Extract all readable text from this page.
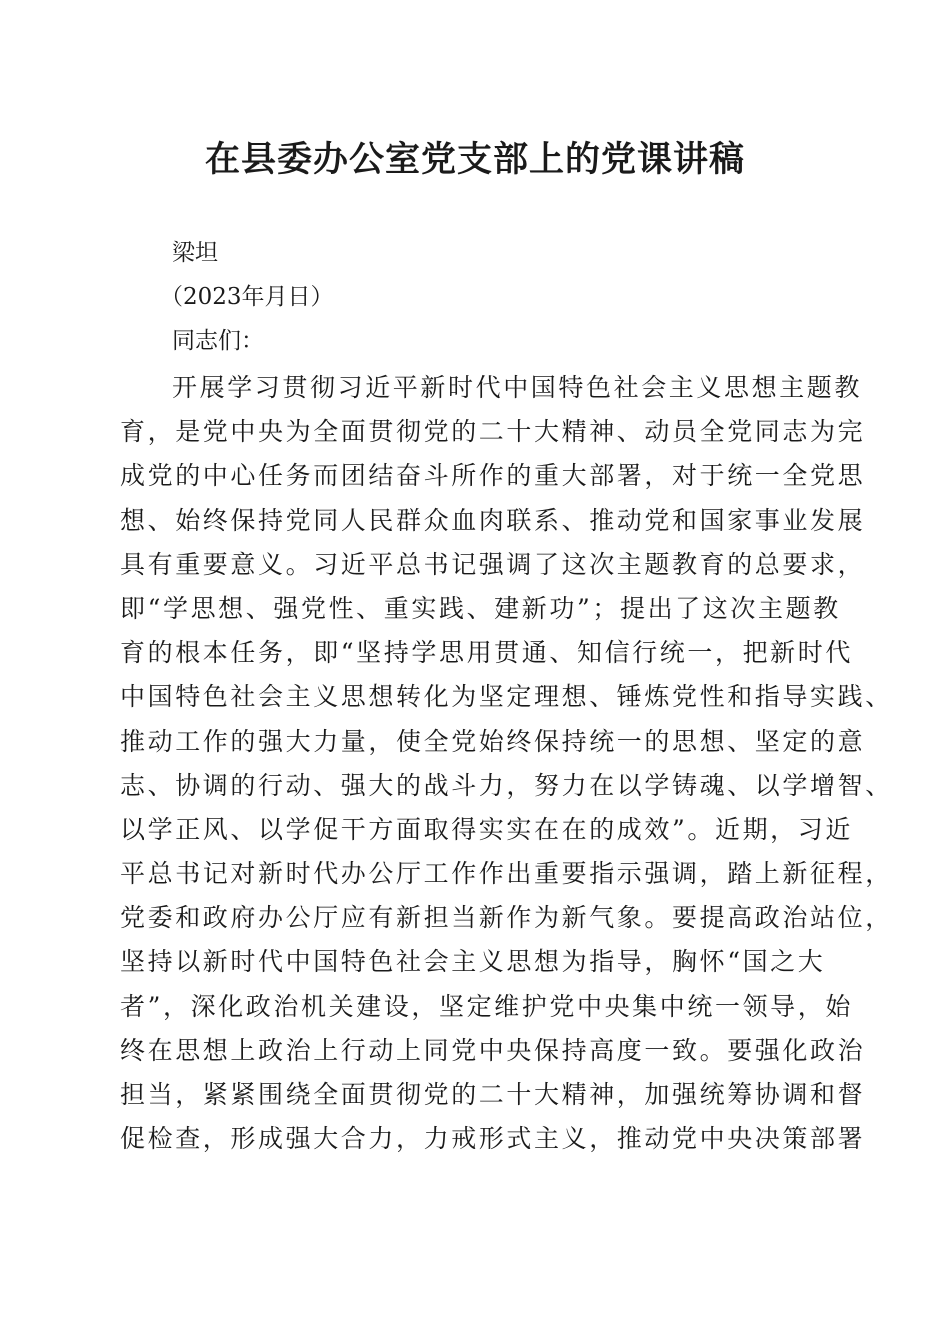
在县委办公室党支部上的党课讲稿
梁坦
（2023年月日）
同志们：
开展学习贯彻习近平新时代中国特色社会主义思想主题教
育，是党中央为全面贯彻党的二十大精神、动员全党同志为完
成党的中心任务而团结奋斗所作的重大部署，对于统一全党思
想、始终保持党同人民群众血肉联系、推动党和国家事业发展
具有重要意义。习近平总书记强调了这次主题教育的总要求，
即“学思想、强党性、重实践、建新功”；提出了这次主题教
育的根本任务，即“坚持学思用贯通、知信行统一，把新时代
中国特色社会主义思想转化为坚定理想、锤炼党性和指导实践、
推动工作的强大力量，使全党始终保持统一的思想、坚定的意
志、协调的行动、强大的战斗力，努力在以学铸魂、以学增智、
以学正风、以学促干方面取得实实在在的成效”。近期，习近
平总书记对新时代办公厅工作作出重要指示强调，踏上新征程，
党委和政府办公厅应有新担当新作为新气象。要提高政治站位，
坚持以新时代中国特色社会主义思想为指导，胸怀“国之大
者”，深化政治机关建设，坚定维护党中央集中统一领导，始
终在思想上政治上行动上同党中央保持高度一致。要强化政治
担当，紧紧围绕全面贯彻党的二十大精神，加强统筹协调和督
促检查，形成强大合力，力戒形式主义，推动党中央决策部署
